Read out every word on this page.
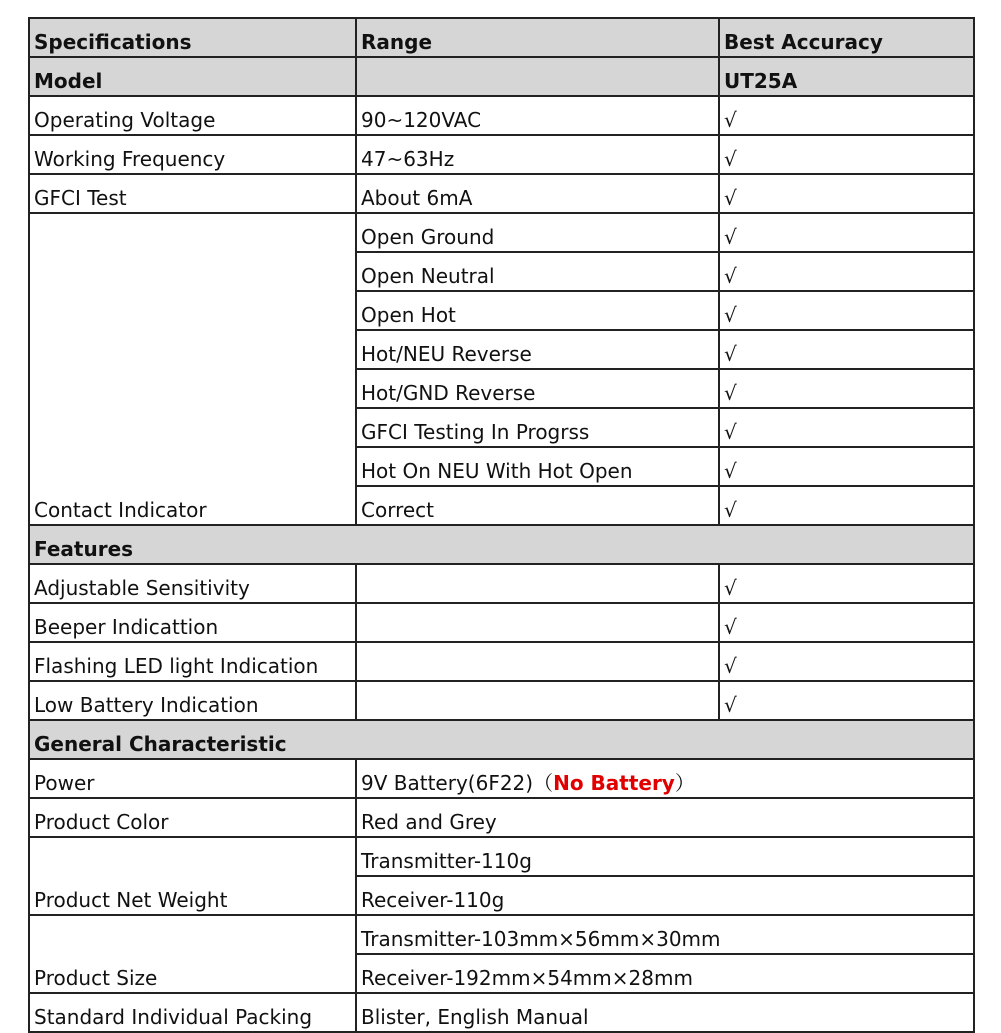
Specifications	Range	Best Accuracy
Model		UT25A
Operating Voltage	90~120VAC	√
Working Frequency	47~63Hz	√
GFCI Test	About 6mA	√
Contact Indicator	Open Ground	√
	Open Neutral	√
	Open Hot	√
	Hot/NEU Reverse	√
	Hot/GND Reverse	√
	GFCI Testing In Progrss	√
	Hot On NEU With Hot Open	√
	Correct	√
Features		
Adjustable Sensitivity		√
Beeper Indicattion		√
Flashing LED light Indication		√
Low Battery Indication		√
General Characteristic		
Power	9V Battery(6F22)（No Battery）	
Product Color	Red and Grey	
Product Net Weight	Transmitter-110g	
	Receiver-110g	
Product Size	Transmitter-103mm×56mm×30mm	
	Receiver-192mm×54mm×28mm	
Standard Individual Packing	Blister, English Manual	
